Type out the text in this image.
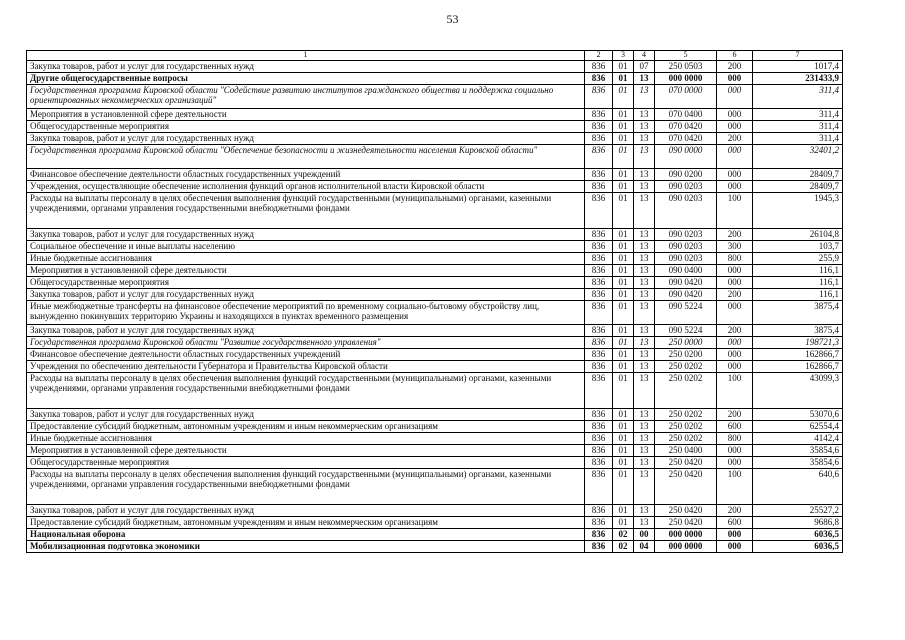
53
1	2	3	4	5	6	7
Закупка товаров, работ и услуг для государственных нужд	836	01	07	250 0503	200	1017,4
Другие общегосударственные вопросы	836	01	13	000 0000	000	231433,9
Государственная программа Кировской области "Содействие развитию институтов гражданского общества и поддержка социально ориентированных некоммерческих организаций"	836	01	13	070 0000	000	311,4
Мероприятия в установленной сфере деятельности	836	01	13	070 0400	000	311,4
Общегосударственные мероприятия	836	01	13	070 0420	000	311,4
Закупка товаров, работ и услуг для государственных нужд	836	01	13	070 0420	200	311,4
Государственная программа Кировской области "Обеспечение безопасности и жизнедеятельности населения Кировской области"	836	01	13	090 0000	000	32401,2
Финансовое обеспечение деятельности областных государственных учреждений	836	01	13	090 0200	000	28409,7
Учреждения, осуществляющие обеспечение исполнения функций органов исполнительной власти Кировской области	836	01	13	090 0203	000	28409,7
Расходы на выплаты персоналу в целях обеспечения выполнения функций государственными (муниципальными) органами, казенными учреждениями, органами управления государственными внебюджетными фондами	836	01	13	090 0203	100	1945,3
Закупка товаров, работ и услуг для государственных нужд	836	01	13	090 0203	200	26104,8
Социальное обеспечение и иные выплаты населению	836	01	13	090 0203	300	103,7
Иные бюджетные ассигнования	836	01	13	090 0203	800	255,9
Мероприятия в установленной сфере деятельности	836	01	13	090 0400	000	116,1
Общегосударственные мероприятия	836	01	13	090 0420	000	116,1
Закупка товаров, работ и услуг для государственных нужд	836	01	13	090 0420	200	116,1
Иные межбюджетные трансферты на финансовое обеспечение мероприятий по временному социально-бытовому обустройству лиц, вынужденно покинувших территорию Украины и находящихся в пунктах временного размещения	836	01	13	090 5224	000	3875,4
Закупка товаров, работ и услуг для государственных нужд	836	01	13	090 5224	200	3875,4
Государственная программа Кировской области "Развитие государственного управления"	836	01	13	250 0000	000	198721,3
Финансовое обеспечение деятельности областных государственных учреждений	836	01	13	250 0200	000	162866,7
Учреждения по обеспечению деятельности Губернатора и Правительства Кировской области	836	01	13	250 0202	000	162866,7
Расходы на выплаты персоналу в целях обеспечения выполнения функций государственными (муниципальными) органами, казенными учреждениями, органами управления государственными внебюджетными фондами	836	01	13	250 0202	100	43099,3
Закупка товаров, работ и услуг для государственных нужд	836	01	13	250 0202	200	53070,6
Предоставление субсидий бюджетным, автономным учреждениям и иным некоммерческим организациям	836	01	13	250 0202	600	62554,4
Иные бюджетные ассигнования	836	01	13	250 0202	800	4142,4
Мероприятия в установленной сфере деятельности	836	01	13	250 0400	000	35854,6
Общегосударственные мероприятия	836	01	13	250 0420	000	35854,6
Расходы на выплаты персоналу в целях обеспечения выполнения функций государственными (муниципальными) органами, казенными учреждениями, органами управления государственными внебюджетными фондами	836	01	13	250 0420	100	640,6
Закупка товаров, работ и услуг для государственных нужд	836	01	13	250 0420	200	25527,2
Предоставление субсидий бюджетным, автономным учреждениям и иным некоммерческим организациям	836	01	13	250 0420	600	9686,8
Национальная оборона	836	02	00	000 0000	000	6036,5
Мобилизационная подготовка экономики	836	02	04	000 0000	000	6036,5
